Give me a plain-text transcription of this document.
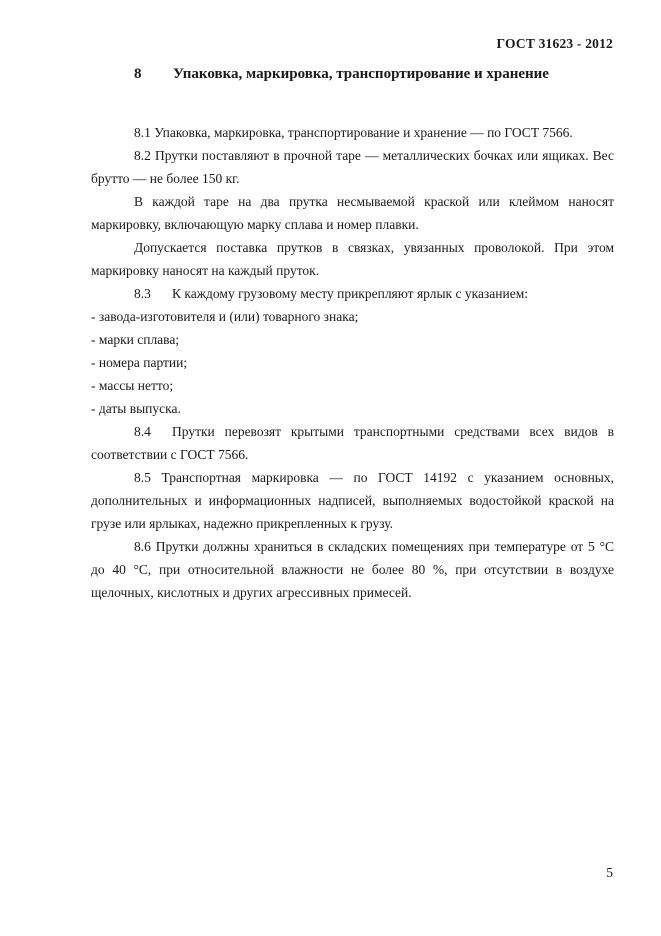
ГОСТ 31623 - 2012
8 Упаковка, маркировка, транспортирование и хранение

8.1 Упаковка, маркировка, транспортирование и хранение — по ГОСТ 7566.

8.2 Прутки поставляют в прочной таре — металлических бочках или ящиках. Вес брутто — не более 150 кг.

В каждой таре на два прутка несмываемой краской или клеймом наносят маркировку, включающую марку сплава и номер плавки.

Допускается поставка прутков в связках, увязанных проволокой. При этом маркировку наносят на каждый пруток.

8.3 К каждому грузовому месту прикрепляют ярлык с указанием:

- завода-изготовителя и (или) товарного знака;

- марки сплава;

- номера партии;

- массы нетто;

- даты выпуска.

8.4 Прутки перевозят крытыми транспортными средствами всех видов в соответствии с ГОСТ 7566.

8.5 Транспортная маркировка — по ГОСТ 14192 с указанием основных, дополнительных и информационных надписей, выполняемых водостойкой краской на грузе или ярлыках, надежно прикрепленных к грузу.

8.6 Прутки должны храниться в складских помещениях при температуре от 5 °С до 40 °С, при относительной влажности не более 80 %, при отсутствии в воздухе щелочных, кислотных и других агрессивных примесей.

5
